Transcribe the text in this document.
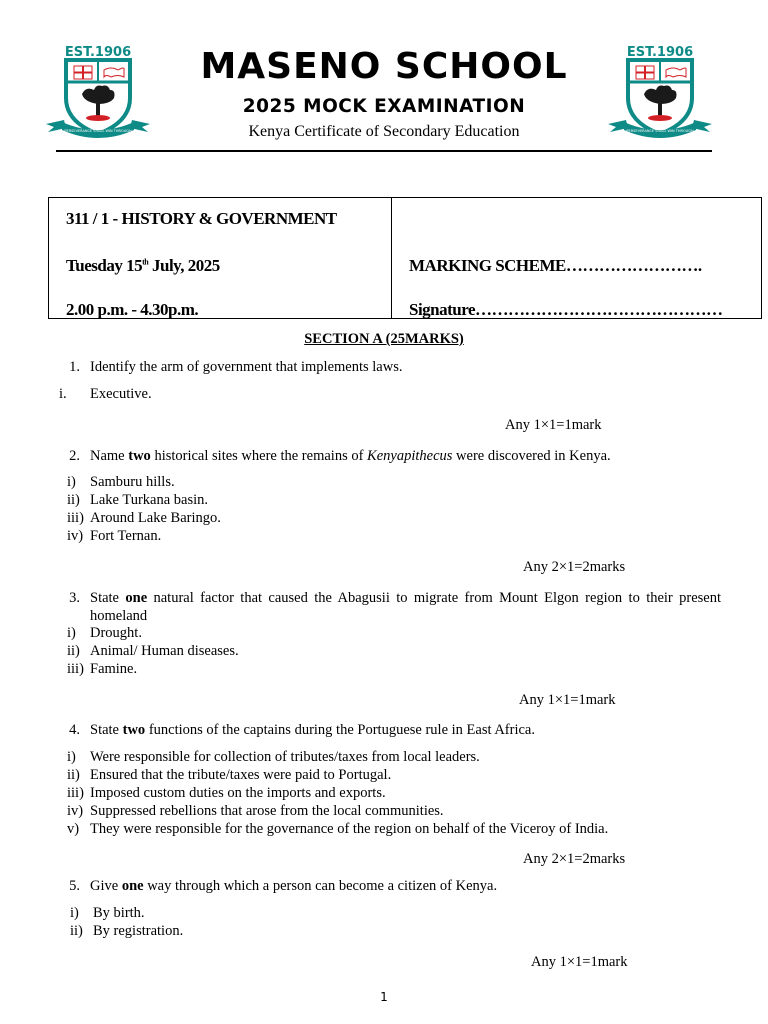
EST.1906
PERSEVERANCE SHALL WIN THROUGH
EST.1906
PERSEVERANCE SHALL WIN THROUGH
MASENO SCHOOL
2025 MOCK EXAMINATION
Kenya Certificate of Secondary Education
311 / 1 - HISTORY & GOVERNMENT
Tuesday 15th July, 2025
2.00 p.m. - 4.30p.m.
MARKING SCHEME…………………….
Signature………………………………………
SECTION A (25MARKS)
1. Identify the arm of government that implements laws.
i. Executive.
Any 1×1=1mark
2. Name two historical sites where the remains of Kenyapithecus were discovered in Kenya.
i) Samburu hills.
ii) Lake Turkana basin.
iii) Around Lake Baringo.
iv) Fort Ternan.
Any 2×1=2marks
3. State one natural factor that caused the Abagusii to migrate from Mount Elgon region to their present
homeland
i) Drought.
ii) Animal/ Human diseases.
iii) Famine.
Any 1×1=1mark
4. State two functions of the captains during the Portuguese rule in East Africa.
i) Were responsible for collection of tributes/taxes from local leaders.
ii) Ensured that the tribute/taxes were paid to Portugal.
iii) Imposed custom duties on the imports and exports.
iv) Suppressed rebellions that arose from the local communities.
v) They were responsible for the governance of the region on behalf of the Viceroy of India.
Any 2×1=2marks
5. Give one way through which a person can become a citizen of Kenya.
i) By birth.
ii) By registration.
Any 1×1=1mark
1
